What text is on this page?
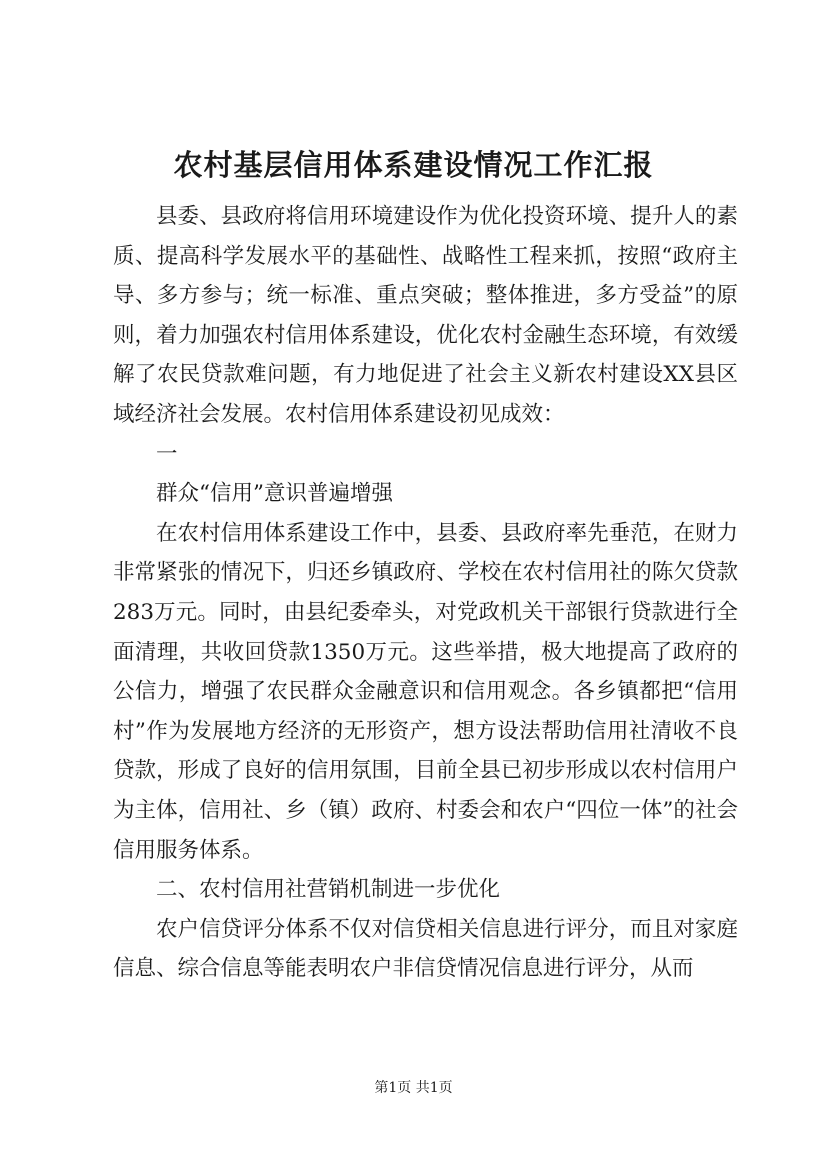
农村基层信用体系建设情况工作汇报

县委、县政府将信用环境建设作为优化投资环境、提升人的素质、提高科学发展水平的基础性、战略性工程来抓，按照“政府主导、多方参与；统一标准、重点突破；整体推进，多方受益”的原则，着力加强农村信用体系建设，优化农村金融生态环境，有效缓解了农民贷款难问题，有力地促进了社会主义新农村建设XX县区域经济社会发展。农村信用体系建设初见成效：

一

群众“信用”意识普遍增强

在农村信用体系建设工作中，县委、县政府率先垂范，在财力非常紧张的情况下，归还乡镇政府、学校在农村信用社的陈欠贷款283万元。同时，由县纪委牵头，对党政机关干部银行贷款进行全面清理，共收回贷款1350万元。这些举措，极大地提高了政府的公信力，增强了农民群众金融意识和信用观念。各乡镇都把“信用村”作为发展地方经济的无形资产，想方设法帮助信用社清收不良贷款，形成了良好的信用氛围，目前全县已初步形成以农村信用户为主体，信用社、乡（镇）政府、村委会和农户“四位一体”的社会信用服务体系。

二、农村信用社营销机制进一步优化

农户信贷评分体系不仅对信贷相关信息进行评分，而且对家庭信息、综合信息等能表明农户非信贷情况信息进行评分，从而

第1页 共1页
